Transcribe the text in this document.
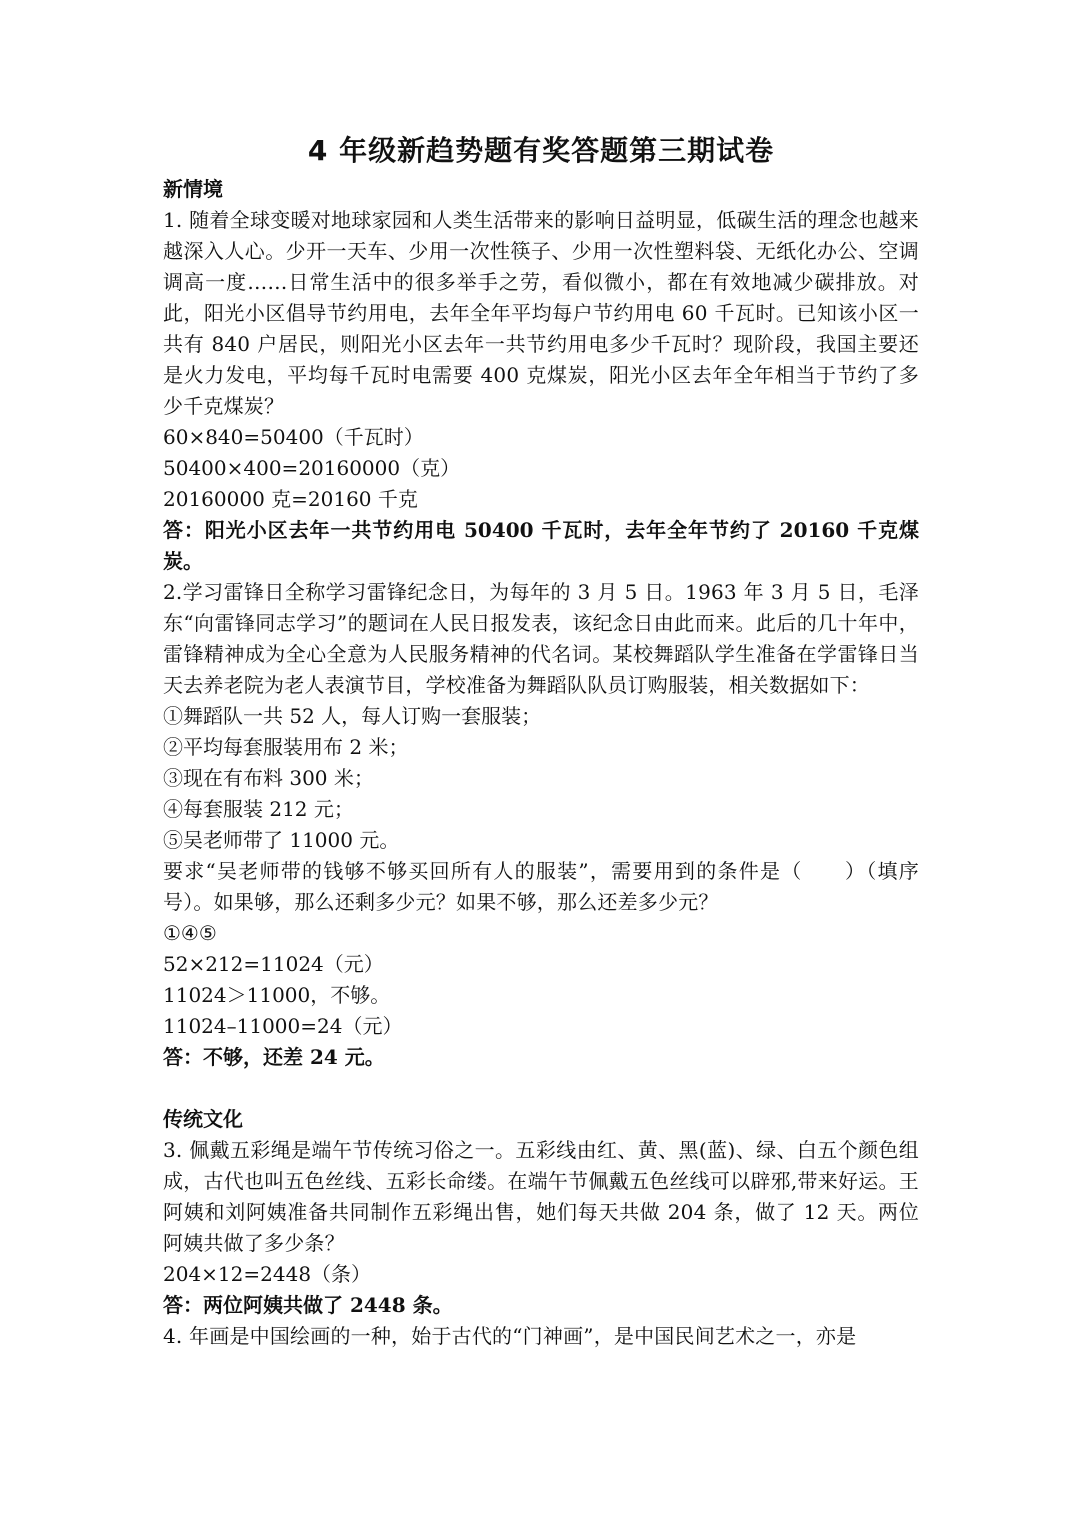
4 年级新趋势题有奖答题第三期试卷

新情境

1. 随着全球变暖对地球家园和人类生活带来的影响日益明显，低碳生活的理念也越来越深入人心。少开一天车、少用一次性筷子、少用一次性塑料袋、无纸化办公、空调调高一度……日常生活中的很多举手之劳，看似微小，都在有效地减少碳排放。对此，阳光小区倡导节约用电，去年全年平均每户节约用电 60 千瓦时。已知该小区一共有 840 户居民，则阳光小区去年一共节约用电多少千瓦时？现阶段，我国主要还是火力发电，平均每千瓦时电需要 400 克煤炭，阳光小区去年全年相当于节约了多少千克煤炭？

60×840=50400（千瓦时）

50400×400=20160000（克）

20160000 克=20160 千克

答：阳光小区去年一共节约用电 50400 千瓦时，去年全年节约了 20160 千克煤炭。

2.学习雷锋日全称学习雷锋纪念日，为每年的 3 月 5 日。1963 年 3 月 5 日，毛泽东“向雷锋同志学习”的题词在人民日报发表，该纪念日由此而来。此后的几十年中，雷锋精神成为全心全意为人民服务精神的代名词。某校舞蹈队学生准备在学雷锋日当天去养老院为老人表演节目，学校准备为舞蹈队队员订购服装，相关数据如下：

①舞蹈队一共 52 人，每人订购一套服装；

②平均每套服装用布 2 米；

③现在有布料 300 米；

④每套服装 212 元；

⑤吴老师带了 11000 元。

要求“吴老师带的钱够不够买回所有人的服装”，需要用到的条件是（　　）（填序号）。如果够，那么还剩多少元？如果不够，那么还差多少元？

①④⑤

52×212=11024（元）

11024＞11000，不够。

11024–11000=24（元）

答：不够，还差 24 元。

传统文化

3. 佩戴五彩绳是端午节传统习俗之一。五彩线由红、黄、黑(蓝)、绿、白五个颜色组成，古代也叫五色丝线、五彩长命缕。在端午节佩戴五色丝线可以辟邪,带来好运。王阿姨和刘阿姨准备共同制作五彩绳出售，她们每天共做 204 条，做了 12 天。两位阿姨共做了多少条？

204×12=2448（条）

答：两位阿姨共做了 2448 条。

4. 年画是中国绘画的一种，始于古代的“门神画”，是中国民间艺术之一，亦是
